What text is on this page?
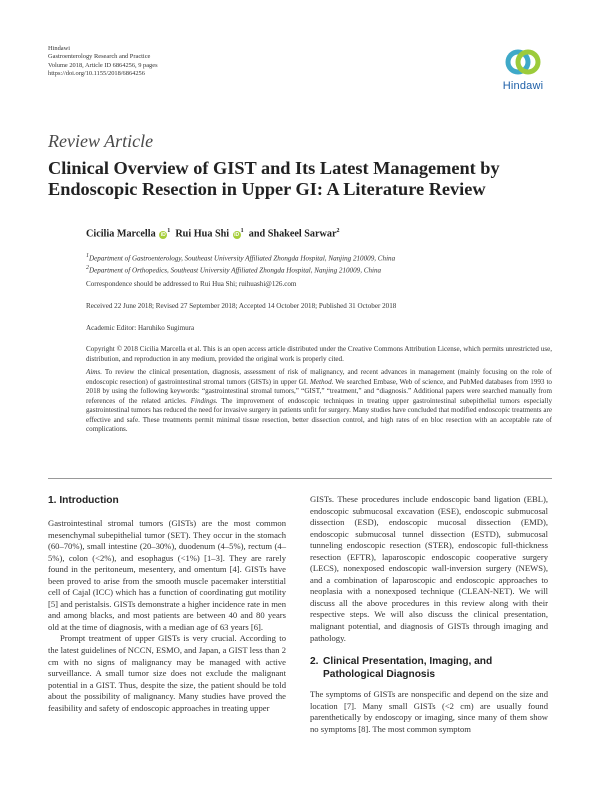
Hindawi
Gastroenterology Research and Practice
Volume 2018, Article ID 6864256, 9 pages
https://doi.org/10.1155/2018/6864256
Hindawi
Review Article
Clinical Overview of GIST and Its Latest Management by Endoscopic Resection in Upper GI: A Literature Review
Cicilia Marcella $iD^1$ Rui Hua Shi $iD^1$ and Shakeel Sarwar$^2$
$^1$Department of Gastroenterology, Southeast University Affiliated Zhongda Hospital, Nanjing 210009, China
$^2$Department of Orthopedics, Southeast University Affiliated Zhongda Hospital, Nanjing 210009, China
Correspondence should be addressed to Rui Hua Shi; ruihuashi@126.com
Received 22 June 2018; Revised 27 September 2018; Accepted 14 October 2018; Published 31 October 2018
Academic Editor: Haruhiko Sugimura
Copyright © 2018 Cicilia Marcella et al. This is an open access article distributed under the Creative Commons Attribution License, which permits unrestricted use, distribution, and reproduction in any medium, provided the original work is properly cited.
Aims. To review the clinical presentation, diagnosis, assessment of risk of malignancy, and recent advances in management (mainly focusing on the role of endoscopic resection) of gastrointestinal stromal tumors (GISTs) in upper GI. Method. We searched Embase, Web of science, and PubMed databases from 1993 to 2018 by using the following keywords: “gastrointestinal stromal tumors,” “GIST,” “treatment,” and “diagnosis.” Additional papers were searched manually from references of the related articles. Findings. The improvement of endoscopic techniques in treating upper gastrointestinal subepithelial tumors especially gastrointestinal tumors has reduced the need for invasive surgery in patients unfit for surgery. Many studies have concluded that modified endoscopic treatments are effective and safe. These treatments permit minimal tissue resection, better dissection control, and high rates of en bloc resection with an acceptable rate of complications.
1. Introduction

Gastrointestinal stromal tumors (GISTs) are the most common mesenchymal subepithelial tumor (SET). They occur in the stomach (60–70%), small intestine (20–30%), duodenum (4–5%), rectum (4–5%), colon (<2%), and esophagus (<1%) [1–3]. They are rarely found in the peritoneum, mesentery, and omentum [4]. GISTs have been proved to arise from the smooth muscle pacemaker interstitial cell of Cajal (ICC) which has a function of coordinating gut motility [5] and peristalsis. GISTs demonstrate a higher incidence rate in men and among blacks, and most patients are between 40 and 80 years old at the time of diagnosis, with a median age of 63 years [6].

Prompt treatment of upper GISTs is very crucial. According to the latest guidelines of NCCN, ESMO, and Japan, a GIST less than 2 cm with no signs of malignancy may be managed with active surveillance. A small tumor size does not exclude the malignant potential in a GIST. Thus, despite the size, the patient should be told about the possibility of malignancy. Many studies have proved the feasibility and safety of endoscopic approaches in treating upper

GISTs. These procedures include endoscopic band ligation (EBL), endoscopic submucosal excavation (ESE), endoscopic submucosal dissection (ESD), endoscopic mucosal dissection (EMD), endoscopic submucosal tunnel dissection (ESTD), submucosal tunneling endoscopic resection (STER), endoscopic full-thickness resection (EFTR), laparoscopic endoscopic cooperative surgery (LECS), nonexposed endoscopic wall-inversion surgery (NEWS), and a combination of laparoscopic and endoscopic approaches to neoplasia with a nonexposed technique (CLEAN-NET). We will discuss all the above procedures in this review along with their respective steps. We will also discuss the clinical presentation, malignant potential, and diagnosis of GISTs through imaging and pathology.

2. Clinical Presentation, Imaging, and
Pathological Diagnosis

The symptoms of GISTs are nonspecific and depend on the size and location [7]. Many small GISTs (<2 cm) are usually found parenthetically by endoscopy or imaging, since many of them show no symptoms [8]. The most common symptom
